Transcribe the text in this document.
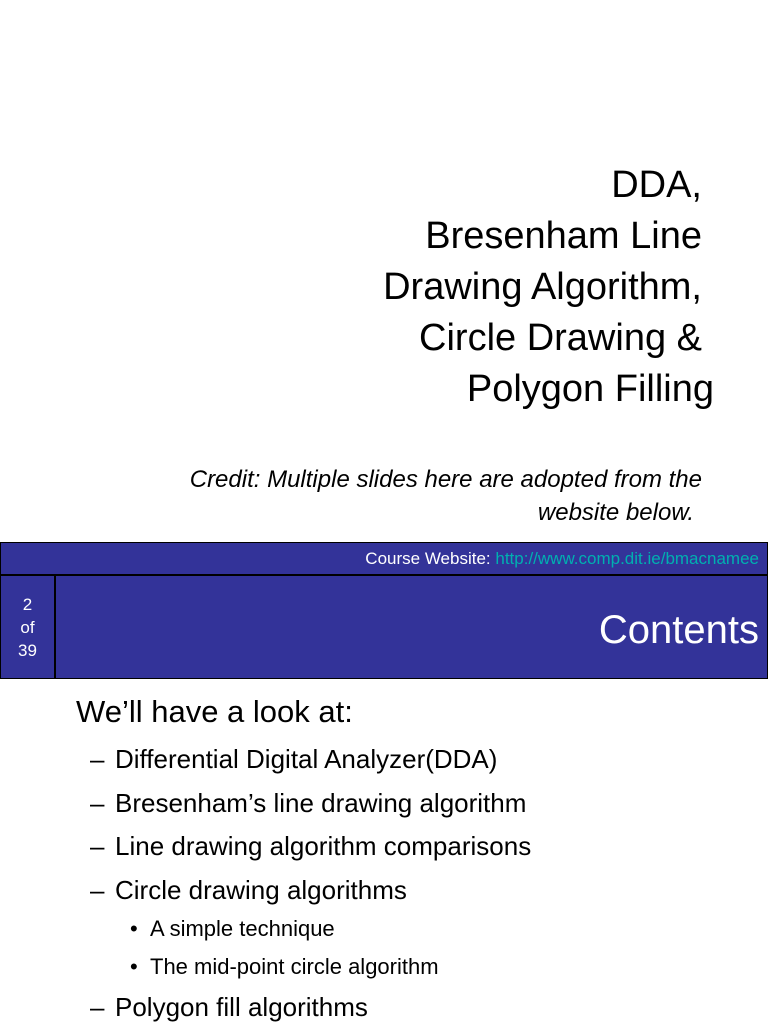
DDA,
Bresenham Line
Drawing Algorithm,
Circle Drawing &
Polygon Filling
Credit: Multiple slides here are adopted from the
website below.
Course Website: http://www.comp.dit.ie/bmacnamee
2
of
39	Contents
We’ll have a look at:
– Differential Digital Analyzer(DDA)
– Bresenham’s line drawing algorithm
– Line drawing algorithm comparisons
– Circle drawing algorithms
• A simple technique
• The mid-point circle algorithm
– Polygon fill algorithms
